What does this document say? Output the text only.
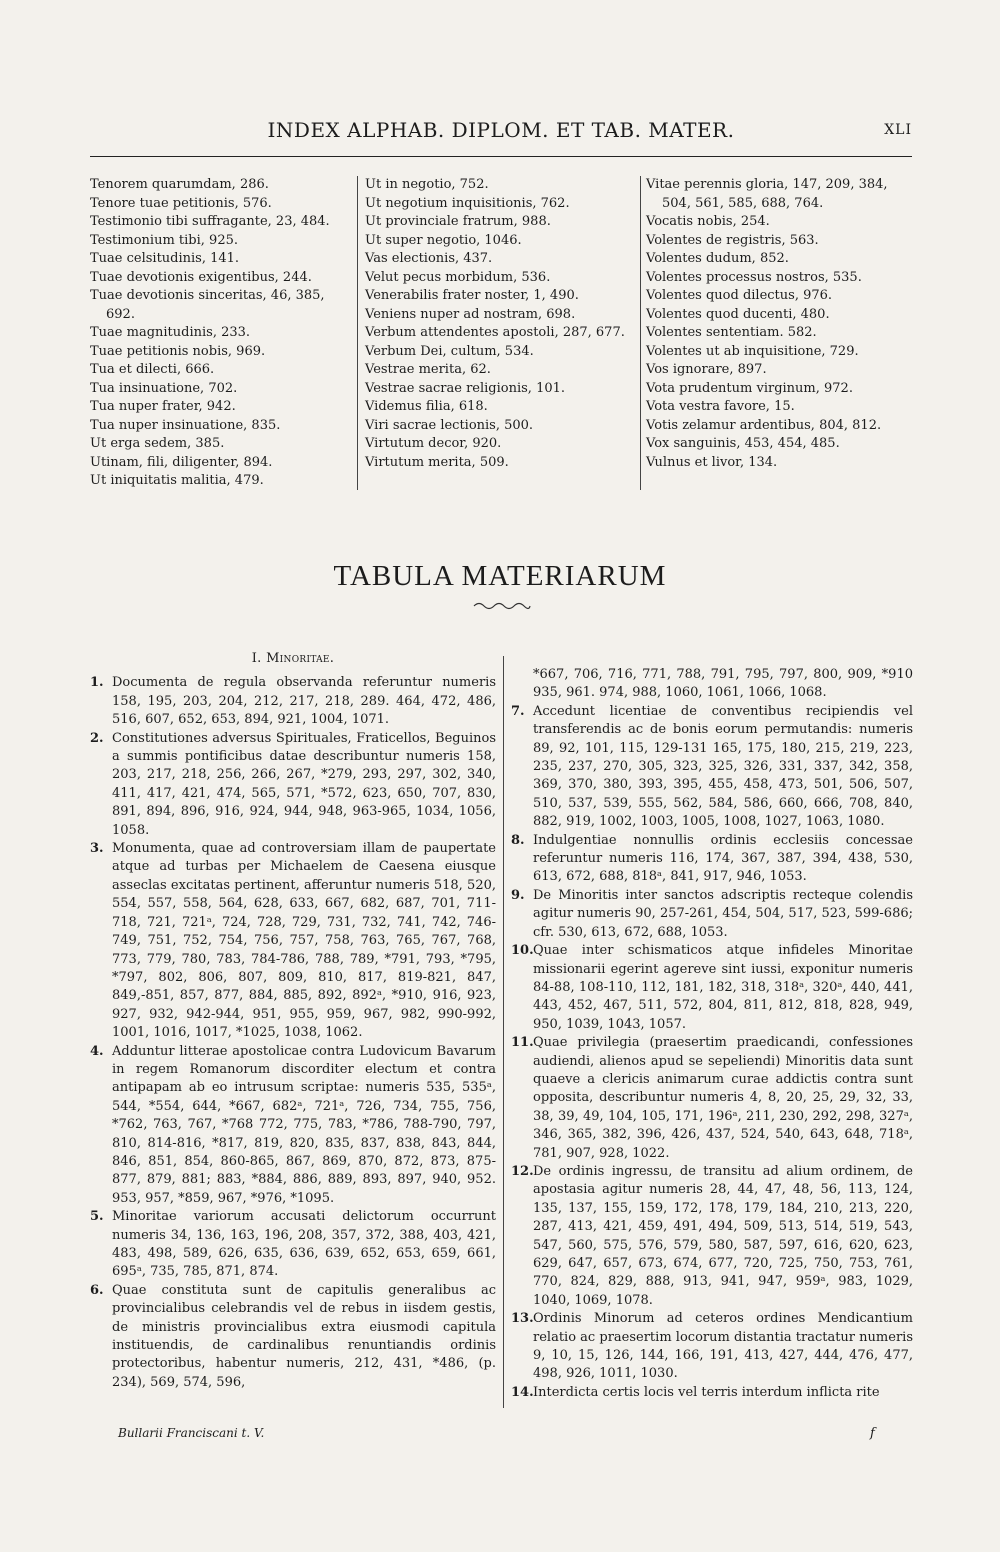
INDEX ALPHAB. DIPLOM. ET TAB. MATER.	XLI

Tenorem quarumdam, 286.

Tenore tuae petitionis, 576.

Testimonio tibi suffragante, 23, 484.

Testimonium tibi, 925.

Tuae celsitudinis, 141.

Tuae devotionis exigentibus, 244.

Tuae devotionis sinceritas, 46, 385, 692.

Tuae magnitudinis, 233.

Tuae petitionis nobis, 969.

Tua et dilecti, 666.

Tua insinuatione, 702.

Tua nuper frater, 942.

Tua nuper insinuatione, 835.

Ut erga sedem, 385.

Utinam, fili, diligenter, 894.

Ut iniquitatis malitia, 479.

Ut in negotio, 752.

Ut negotium inquisitionis, 762.

Ut provinciale fratrum, 988.

Ut super negotio, 1046.

Vas electionis, 437.

Velut pecus morbidum, 536.

Venerabilis frater noster, 1, 490.

Veniens nuper ad nostram, 698.

Verbum attendentes apostoli, 287, 677.

Verbum Dei, cultum, 534.

Vestrae merita, 62.

Vestrae sacrae religionis, 101.

Videmus filia, 618.

Viri sacrae lectionis, 500.

Virtutum decor, 920.

Virtutum merita, 509.

Vitae perennis gloria, 147, 209, 384, 504, 561, 585, 688, 764.

Vocatis nobis, 254.

Volentes de registris, 563.

Volentes dudum, 852.

Volentes processus nostros, 535.

Volentes quod dilectus, 976.

Volentes quod ducenti, 480.

Volentes sententiam. 582.

Volentes ut ab inquisitione, 729.

Vos ignorare, 897.

Vota prudentum virginum, 972.

Vota vestra favore, 15.

Votis zelamur ardentibus, 804, 812.

Vox sanguinis, 453, 454, 485.

Vulnus et livor, 134.

TABULA MATERIARUM

I. Minoritae.

1. Documenta de regula observanda referuntur numeris 158, 195, 203, 204, 212, 217, 218, 289. 464, 472, 486, 516, 607, 652, 653, 894, 921, 1004, 1071.

2. Constitutiones adversus Spirituales, Fraticellos, Beguinos a summis pontificibus datae describuntur numeris 158, 203, 217, 218, 256, 266, 267, *279, 293, 297, 302, 340, 411, 417, 421, 474, 565, 571, *572, 623, 650, 707, 830, 891, 894, 896, 916, 924, 944, 948, 963-965, 1034, 1056, 1058.

3. Monumenta, quae ad controversiam illam de paupertate atque ad turbas per Michaelem de Caesena eiusque asseclas excitatas pertinent, afferuntur numeris 518, 520, 554, 557, 558, 564, 628, 633, 667, 682, 687, 701, 711-718, 721, 721ᵃ, 724, 728, 729, 731, 732, 741, 742, 746-749, 751, 752, 754, 756, 757, 758, 763, 765, 767, 768, 773, 779, 780, 783, 784-786, 788, 789, *791, 793, *795, *797, 802, 806, 807, 809, 810, 817, 819-821, 847, 849,-851, 857, 877, 884, 885, 892, 892ᵃ, *910, 916, 923, 927, 932, 942-944, 951, 955, 959, 967, 982, 990-992, 1001, 1016, 1017, *1025, 1038, 1062.

4. Adduntur litterae apostolicae contra Ludovicum Bavarum in regem Romanorum discorditer electum et contra antipapam ab eo intrusum scriptae: numeris 535, 535ᵃ, 544, *554, 644, *667, 682ᵃ, 721ᵃ, 726, 734, 755, 756, *762, 763, 767, *768 772, 775, 783, *786, 788-790, 797, 810, 814-816, *817, 819, 820, 835, 837, 838, 843, 844, 846, 851, 854, 860-865, 867, 869, 870, 872, 873, 875-877, 879, 881; 883, *884, 886, 889, 893, 897, 940, 952. 953, 957, *859, 967, *976, *1095.

5. Minoritae variorum accusati delictorum occurrunt numeris 34, 136, 163, 196, 208, 357, 372, 388, 403, 421, 483, 498, 589, 626, 635, 636, 639, 652, 653, 659, 661, 695ᵃ, 735, 785, 871, 874.

6. Quae constituta sunt de capitulis generalibus ac provincialibus celebrandis vel de rebus in iisdem gestis, de ministris provincialibus extra eiusmodi capitula instituendis, de cardinalibus renuntiandis ordinis protectoribus, habentur numeris, 212, 431, *486, (p. 234), 569, 574, 596,

*667, 706, 716, 771, 788, 791, 795, 797, 800, 909, *910 935, 961. 974, 988, 1060, 1061, 1066, 1068.

7. Accedunt licentiae de conventibus recipiendis vel transferendis ac de bonis eorum permutandis: numeris 89, 92, 101, 115, 129-131 165, 175, 180, 215, 219, 223, 235, 237, 270, 305, 323, 325, 326, 331, 337, 342, 358, 369, 370, 380, 393, 395, 455, 458, 473, 501, 506, 507, 510, 537, 539, 555, 562, 584, 586, 660, 666, 708, 840, 882, 919, 1002, 1003, 1005, 1008, 1027, 1063, 1080.

8. Indulgentiae nonnullis ordinis ecclesiis concessae referuntur numeris 116, 174, 367, 387, 394, 438, 530, 613, 672, 688, 818ᵃ, 841, 917, 946, 1053.

9. De Minoritis inter sanctos adscriptis recteque colendis agitur numeris 90, 257-261, 454, 504, 517, 523, 599-686; cfr. 530, 613, 672, 688, 1053.

10.Quae inter schismaticos atque infideles Minoritae missionarii egerint agereve sint iussi, exponitur numeris 84-88, 108-110, 112, 181, 182, 318, 318ᵃ, 320ᵃ, 440, 441, 443, 452, 467, 511, 572, 804, 811, 812, 818, 828, 949, 950, 1039, 1043, 1057.

11.Quae privilegia (praesertim praedicandi, confessiones audiendi, alienos apud se sepeliendi) Minoritis data sunt quaeve a clericis animarum curae addictis contra sunt opposita, describuntur numeris 4, 8, 20, 25, 29, 32, 33, 38, 39, 49, 104, 105, 171, 196ᵃ, 211, 230, 292, 298, 327ᵃ, 346, 365, 382, 396, 426, 437, 524, 540, 643, 648, 718ᵃ, 781, 907, 928, 1022.

12.De ordinis ingressu, de transitu ad alium ordinem, de apostasia agitur numeris 28, 44, 47, 48, 56, 113, 124, 135, 137, 155, 159, 172, 178, 179, 184, 210, 213, 220, 287, 413, 421, 459, 491, 494, 509, 513, 514, 519, 543, 547, 560, 575, 576, 579, 580, 587, 597, 616, 620, 623, 629, 647, 657, 673, 674, 677, 720, 725, 750, 753, 761, 770, 824, 829, 888, 913, 941, 947, 959ᵃ, 983, 1029, 1040, 1069, 1078.

13.Ordinis Minorum ad ceteros ordines Mendicantium relatio ac praesertim locorum distantia tractatur numeris 9, 10, 15, 126, 144, 166, 191, 413, 427, 444, 476, 477, 498, 926, 1011, 1030.

14.Interdicta certis locis vel terris interdum inflicta rite

Bullarii Franciscani t. V.	f
